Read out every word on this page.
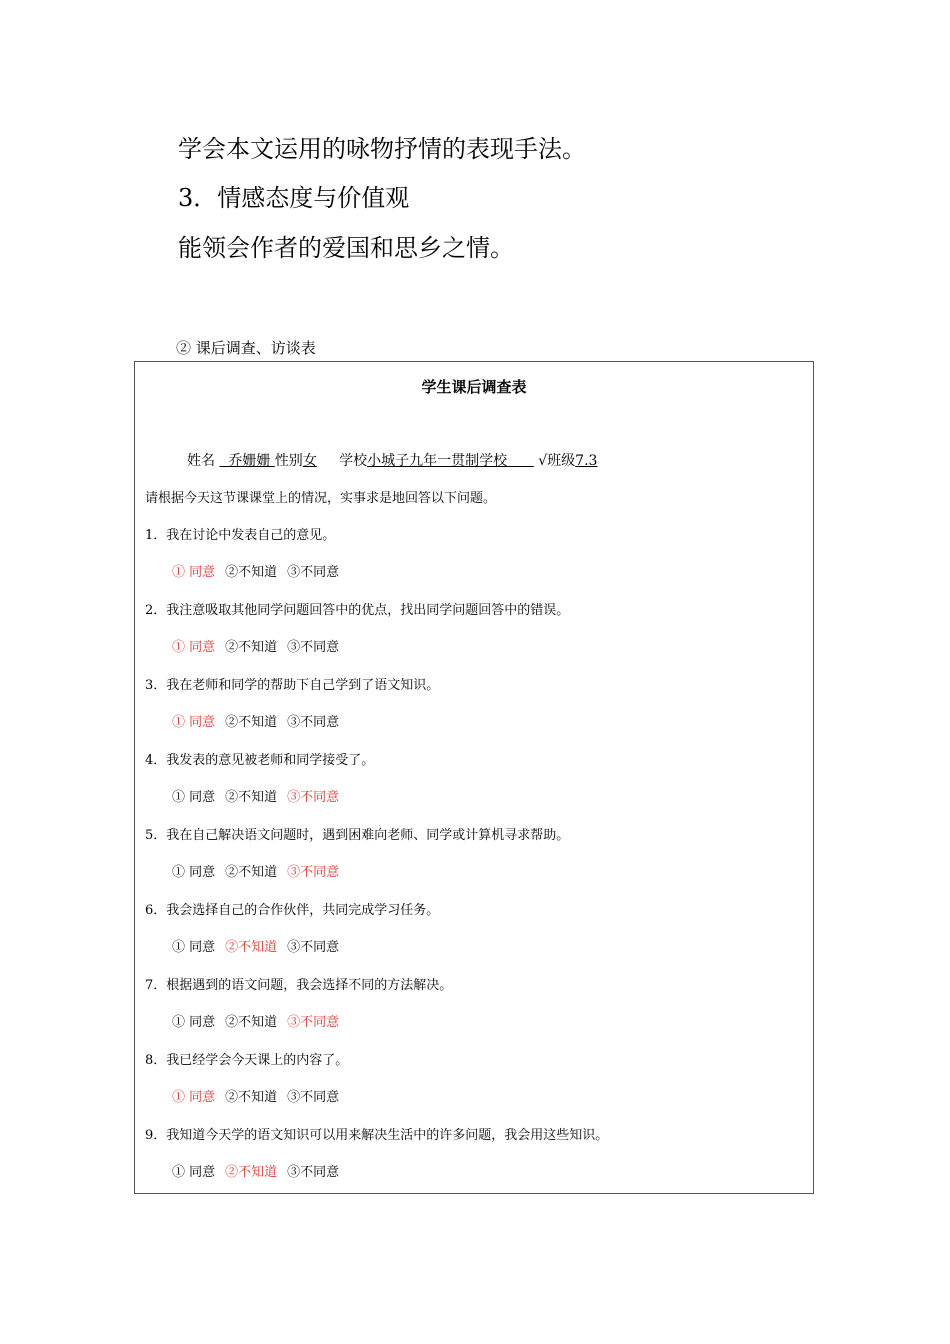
学会本文运用的咏物抒情的表现手法。
3．情感态度与价值观
能领会作者的爱国和思乡之情。
② 课后调查、访谈表
学生课后调查表
姓名 乔姗姗 性别女 学校小城子九年一贯制学校 √班级7.3
请根据今天这节课课堂上的情况，实事求是地回答以下问题。
1．我在讨论中发表自己的意见。
① 同意 ②不知道 ③不同意
2．我注意吸取其他同学问题回答中的优点，找出同学问题回答中的错误。
① 同意 ②不知道 ③不同意
3．我在老师和同学的帮助下自己学到了语文知识。
① 同意 ②不知道 ③不同意
4．我发表的意见被老师和同学接受了。
① 同意 ②不知道 ③不同意
5．我在自己解决语文问题时，遇到困难向老师、同学或计算机寻求帮助。
① 同意 ②不知道 ③不同意
6．我会选择自己的合作伙伴，共同完成学习任务。
① 同意 ②不知道 ③不同意
7．根据遇到的语文问题，我会选择不同的方法解决。
① 同意 ②不知道 ③不同意
8．我已经学会今天课上的内容了。
① 同意 ②不知道 ③不同意
9．我知道今天学的语文知识可以用来解决生活中的许多问题，我会用这些知识。
① 同意 ②不知道 ③不同意
